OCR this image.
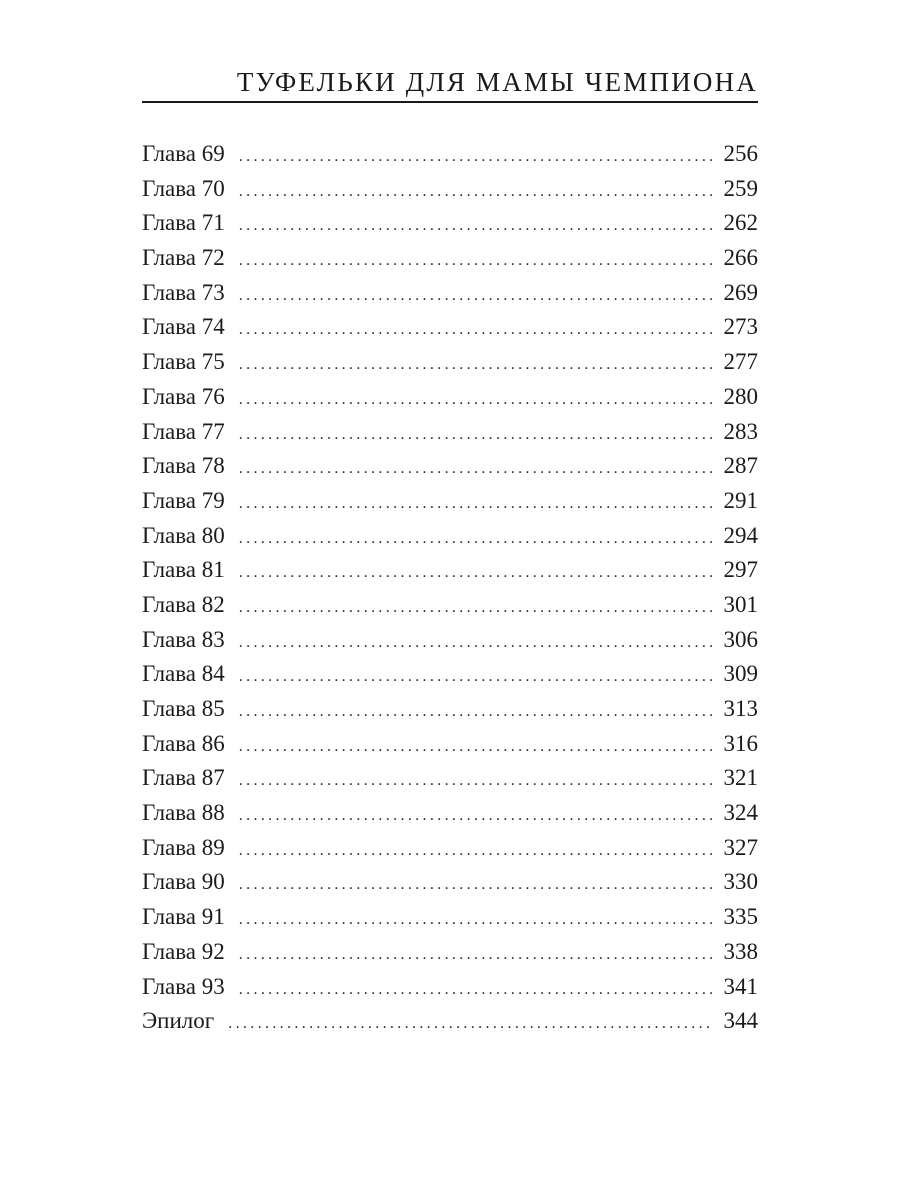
ТУФЕЛЬКИ ДЛЯ МАМЫ ЧЕМПИОНА
Глава 69 .....	256
Глава 70 .....	259
Глава 71 .....	262
Глава 72 .....	266
Глава 73 .....	269
Глава 74 .....	273
Глава 75 .....	277
Глава 76 .....	280
Глава 77 .....	283
Глава 78 .....	287
Глава 79 .....	291
Глава 80 .....	294
Глава 81 .....	297
Глава 82 .....	301
Глава 83 .....	306
Глава 84 .....	309
Глава 85 .....	313
Глава 86 .....	316
Глава 87 .....	321
Глава 88 .....	324
Глава 89 .....	327
Глава 90 .....	330
Глава 91 .....	335
Глава 92 .....	338
Глава 93 .....	341
Эпилог .....	344
